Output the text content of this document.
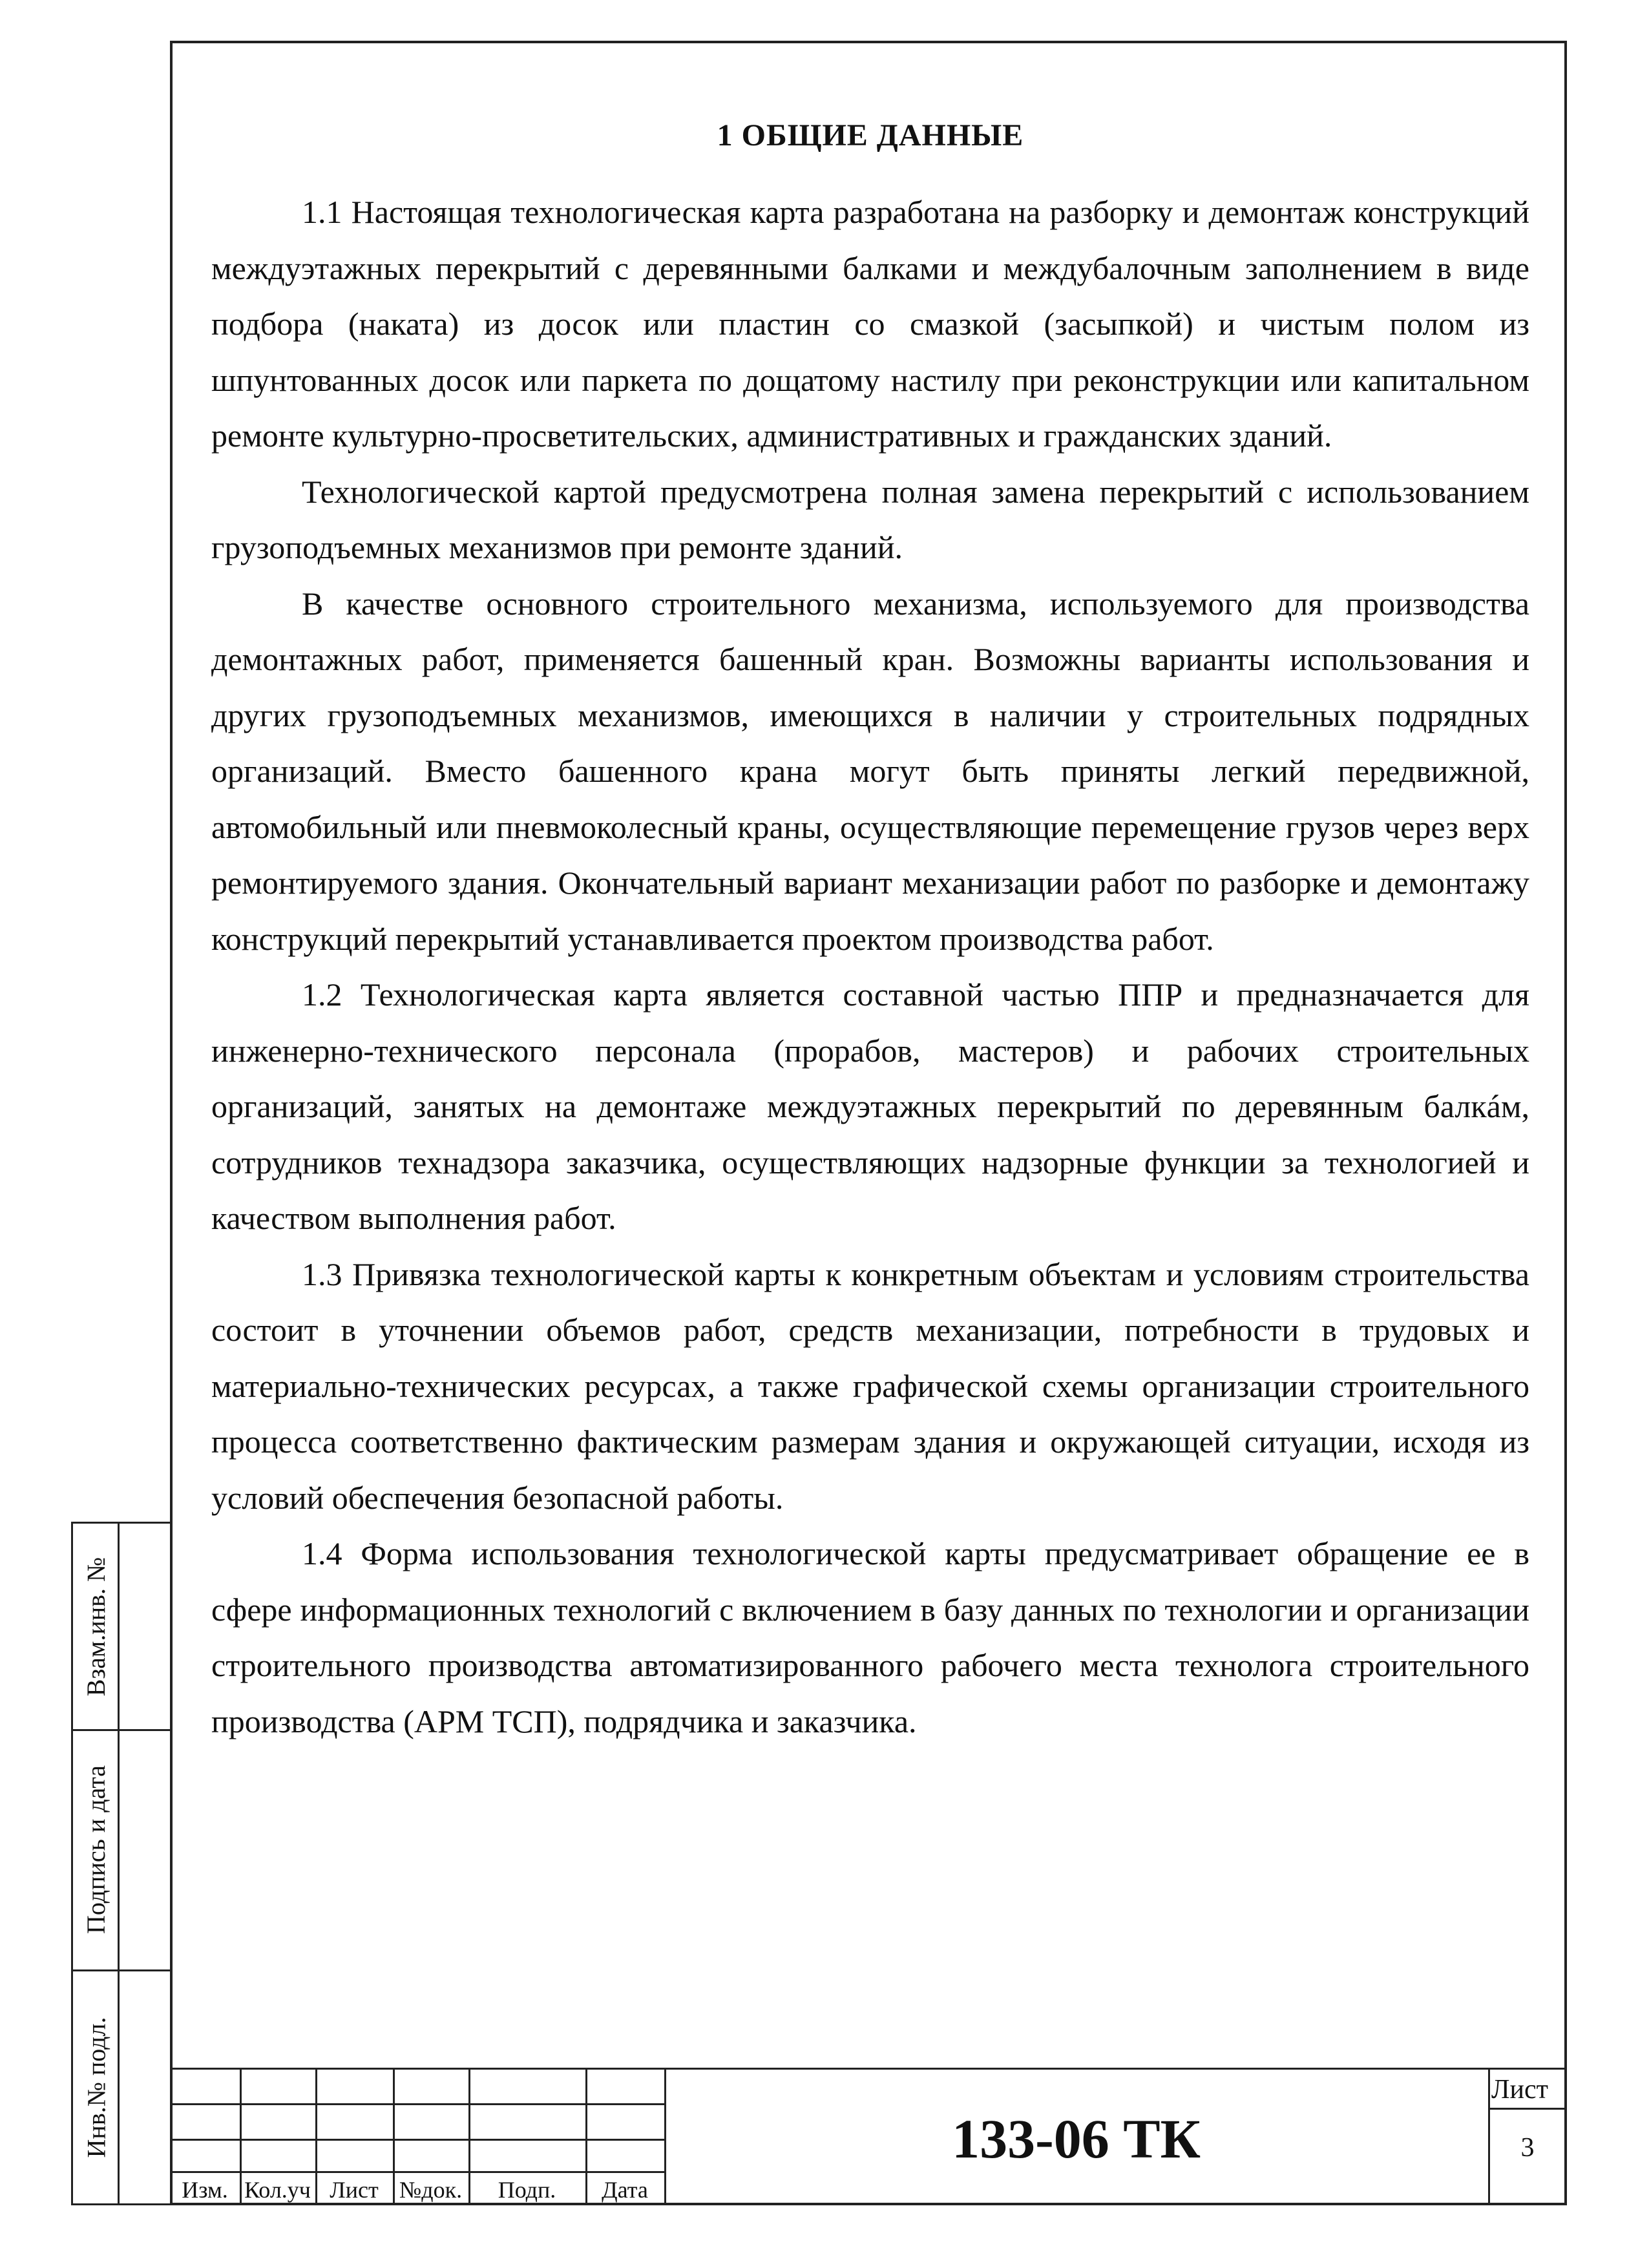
1 ОБЩИЕ ДАННЫЕ

1.1 Настоящая технологическая карта разработана на разборку и демонтаж конструкций междуэтажных перекрытий с деревянными балками и междубалочным заполнением в виде подбора (наката) из досок или пластин со смазкой (засыпкой) и чистым полом из шпунтованных досок или паркета по дощатому настилу при реконструкции или капитальном ремонте культурно-просветительских, административных и гражданских зданий.

Технологической картой предусмотрена полная замена перекрытий с использованием грузоподъемных механизмов при ремонте зданий.

В качестве основного строительного механизма, используемого для производства демонтажных работ, применяется башенный кран. Возможны варианты использования и других грузоподъемных механизмов, имеющихся в наличии у строительных подрядных организаций. Вместо башенного крана могут быть приняты легкий передвижной, автомобильный или пневмоколесный краны, осуществляющие перемещение грузов через верх ремонтируемого здания. Окончательный вариант механизации работ по разборке и демонтажу конструкций перекрытий устанавливается проектом производства работ.

1.2 Технологическая карта является составной частью ППР и предназначается для инженерно-технического персонала (прорабов, мастеров) и рабочих строительных организаций, занятых на демонтаже междуэтажных перекрытий по деревянным балкáм, сотрудников технадзора заказчика, осуществляющих надзорные функции за технологией и качеством выполнения работ.

1.3 Привязка технологической карты к конкретным объектам и условиям строительства состоит в уточнении объемов работ, средств механизации, потребности в трудовых и материально-технических ресурсах, а также графической схемы организации строительного процесса соответственно фактическим размерам здания и окружающей ситуации, исходя из условий обеспечения безопасной работы.

1.4 Форма использования технологической карты предусматривает обращение ее в сфере информационных технологий с включением в базу данных по технологии и организации строительного производства автоматизированного рабочего места технолога строительного производства (АРМ ТСП), подрядчика и заказчика.

Взам.инв. №
Подпись и дата
Инв.№ подл.
Изм. Кол.уч Лист №док.	Подп.	Дата
133-06 ТК
Лист
3
